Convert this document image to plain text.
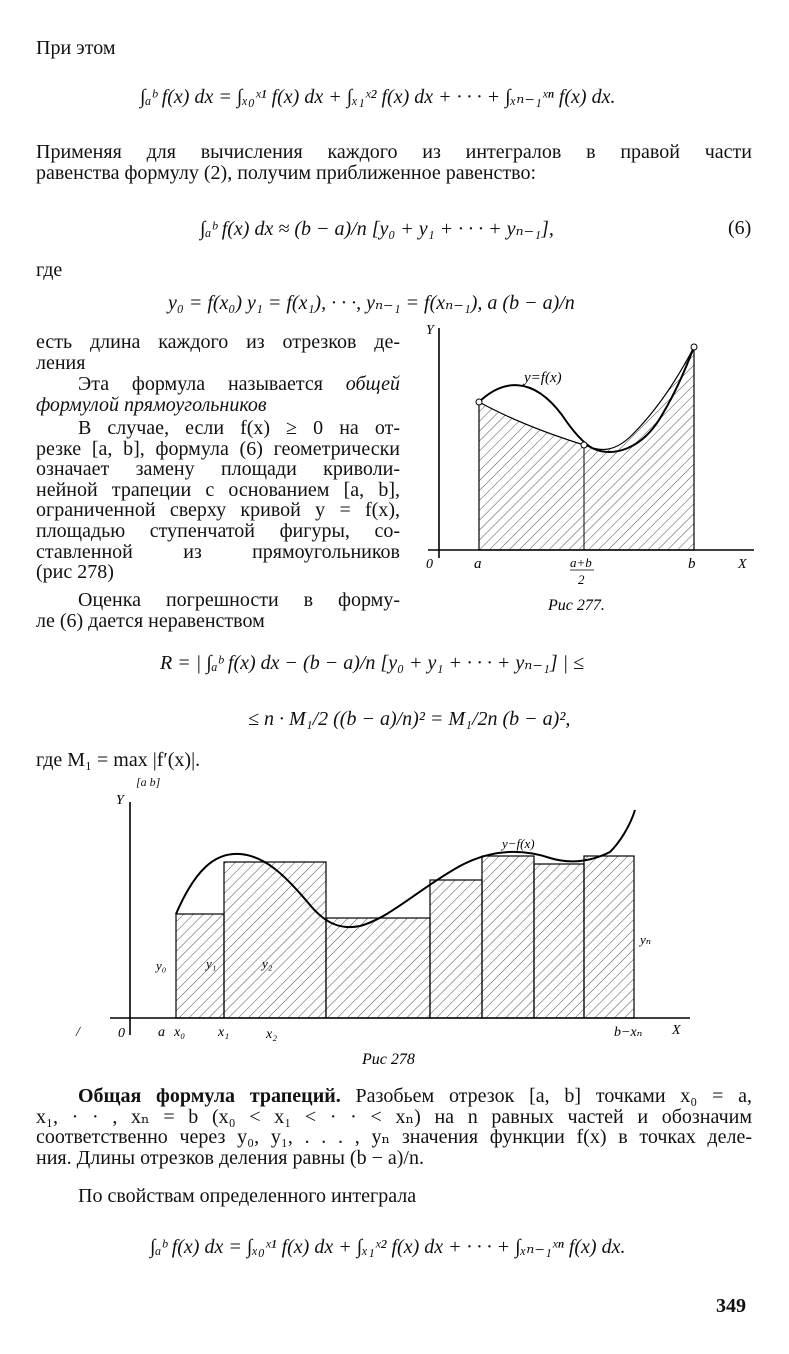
При этом
∫ₐᵇ f(x) dx = ∫ₓ₀ˣ¹ f(x) dx + ∫ₓ₁ˣ² f(x) dx + · · · + ∫ₓₙ₋₁ˣⁿ f(x) dx.
Применяя для вычисления каждого из интегралов в правой части
равенства формулу (2), получим приближенное равенство:
∫ₐᵇ f(x) dx ≈ (b − a)/n [y₀ + y₁ + · · · + yₙ₋₁],	(6)
где
y₀ = f(x₀) y₁ = f(x₁), · · ·, yₙ₋₁ = f(xₙ₋₁), а (b − a)/n
есть длина каждого из отрезков де-
ления
Эта формула называется общей
формулой прямоугольников
В случае, если f(x) ≥ 0 на от-
резке [a, b], формула (6) геометрически
означает замену площади криволи-
нейной трапеции с основанием [a, b],
ограниченной сверху кривой y = f(x),
площадью ступенчатой фигуры, со-
ставленной из прямоугольников
(рис 278)
Оценка погрешности в форму-
ле (6) дается неравенством
Y
0	a	a+b
2
b	X
y=f(x)
Рис 277.
R = | ∫ₐᵇ f(x) dx − (b − a)/n [y₀ + y₁ + · · · + yₙ₋₁] | ≤
≤ n · M₁/2 ((b − a)/n)² = M₁/2n (b − a)²,
где M₁ = max |f′(x)|.
[a b]
Y
0 a x₀ x₁	x₂	b−xₙ X
y₀	y₁	y₂
yₙ
y−f(x)
Рис 278
/
Общая формула трапеций. Разобьем отрезок [a, b] точками x₀ = a,
x₁, · · , xₙ = b (x₀ < x₁ < · · < xₙ) на n равных частей и обозначим
соответственно через y₀, y₁, . . . , yₙ значения функции f(x) в точках деле-
ния. Длины отрезков деления равны (b − a)/n.
По свойствам определенного интеграла
∫ₐᵇ f(x) dx = ∫ₓ₀ˣ¹ f(x) dx + ∫ₓ₁ˣ² f(x) dx + · · · + ∫ₓₙ₋₁ˣⁿ f(x) dx.
349
